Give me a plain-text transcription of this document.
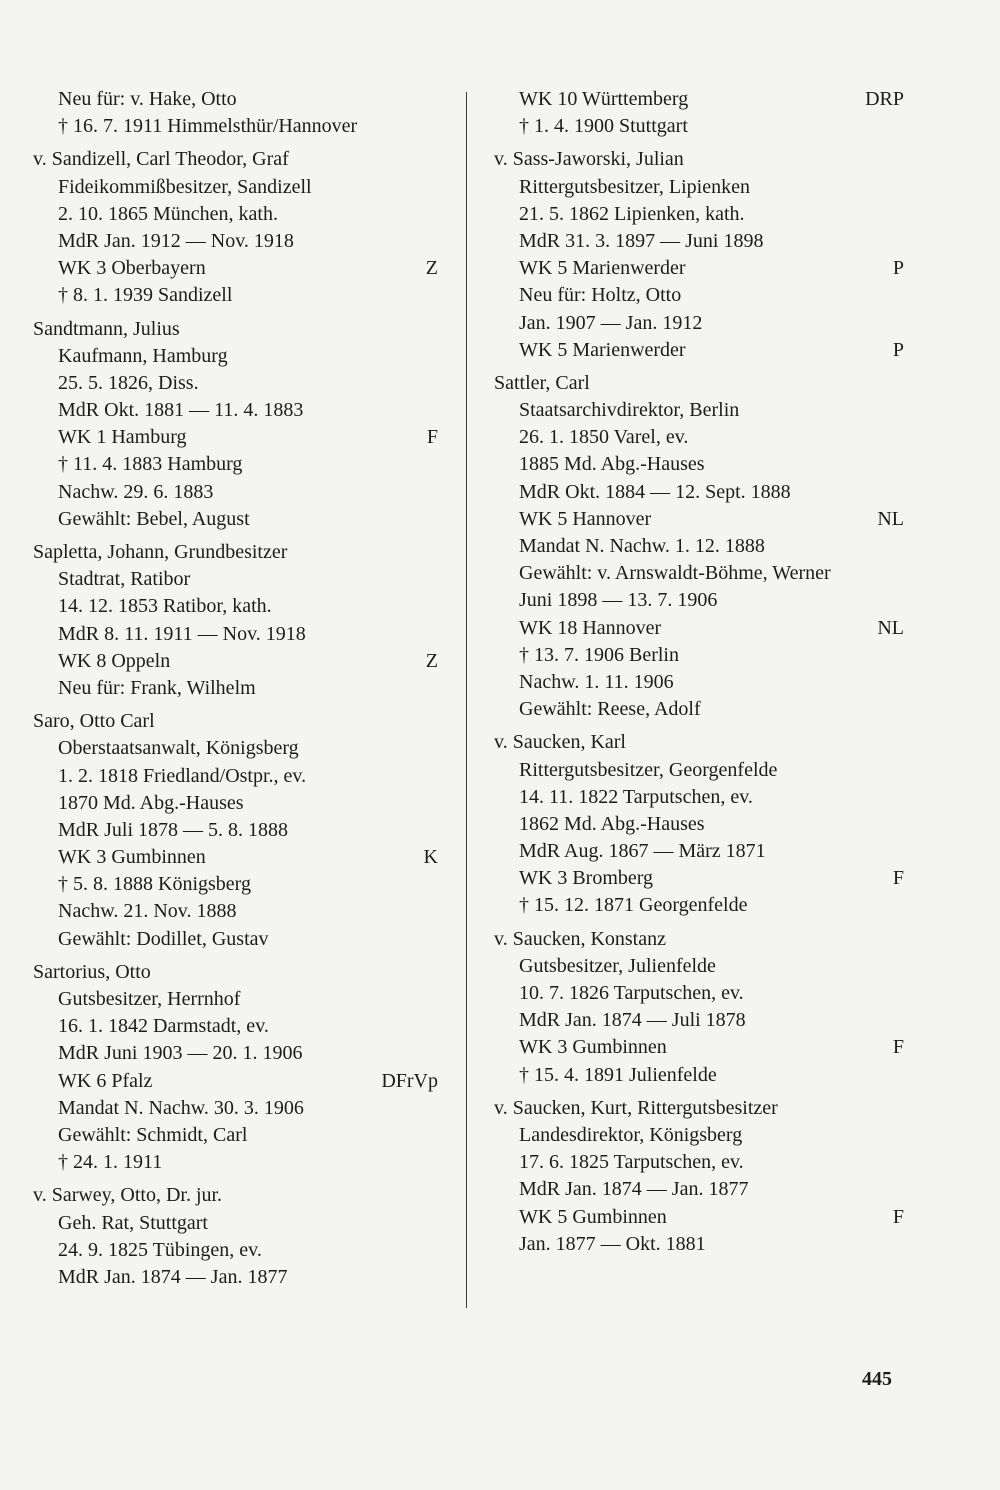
Neu für: v. Hake, Otto
† 16. 7. 1911 Himmelsthür/Hannover
v. Sandizell, Carl Theodor, Graf
Fideikommißbesitzer, Sandizell
2. 10. 1865 München, kath.
MdR Jan. 1912 — Nov. 1918
WK 3 Oberbayern	Z
† 8. 1. 1939 Sandizell
Sandtmann, Julius
Kaufmann, Hamburg
25. 5. 1826, Diss.
MdR Okt. 1881 — 11. 4. 1883
WK 1 Hamburg	F
† 11. 4. 1883 Hamburg
Nachw. 29. 6. 1883
Gewählt: Bebel, August
Sapletta, Johann, Grundbesitzer
Stadtrat, Ratibor
14. 12. 1853 Ratibor, kath.
MdR 8. 11. 1911 — Nov. 1918
WK 8 Oppeln	Z
Neu für: Frank, Wilhelm
Saro, Otto Carl
Oberstaatsanwalt, Königsberg
1. 2. 1818 Friedland/Ostpr., ev.
1870 Md. Abg.-Hauses
MdR Juli 1878 — 5. 8. 1888
WK 3 Gumbinnen	K
† 5. 8. 1888 Königsberg
Nachw. 21. Nov. 1888
Gewählt: Dodillet, Gustav
Sartorius, Otto
Gutsbesitzer, Herrnhof
16. 1. 1842 Darmstadt, ev.
MdR Juni 1903 — 20. 1. 1906
WK 6 Pfalz	DFrVp
Mandat N. Nachw. 30. 3. 1906
Gewählt: Schmidt, Carl
† 24. 1. 1911
v. Sarwey, Otto, Dr. jur.
Geh. Rat, Stuttgart
24. 9. 1825 Tübingen, ev.
MdR Jan. 1874 — Jan. 1877
WK 10 Württemberg	DRP
† 1. 4. 1900 Stuttgart
v. Sass-Jaworski, Julian
Rittergutsbesitzer, Lipienken
21. 5. 1862 Lipienken, kath.
MdR 31. 3. 1897 — Juni 1898
WK 5 Marienwerder	P
Neu für: Holtz, Otto
Jan. 1907 — Jan. 1912
WK 5 Marienwerder	P
Sattler, Carl
Staatsarchivdirektor, Berlin
26. 1. 1850 Varel, ev.
1885 Md. Abg.-Hauses
MdR Okt. 1884 — 12. Sept. 1888
WK 5 Hannover	NL
Mandat N. Nachw. 1. 12. 1888
Gewählt: v. Arnswaldt-Böhme, Werner
Juni 1898 — 13. 7. 1906
WK 18 Hannover	NL
† 13. 7. 1906 Berlin
Nachw. 1. 11. 1906
Gewählt: Reese, Adolf
v. Saucken, Karl
Rittergutsbesitzer, Georgenfelde
14. 11. 1822 Tarputschen, ev.
1862 Md. Abg.-Hauses
MdR Aug. 1867 — März 1871
WK 3 Bromberg	F
† 15. 12. 1871 Georgenfelde
v. Saucken, Konstanz
Gutsbesitzer, Julienfelde
10. 7. 1826 Tarputschen, ev.
MdR Jan. 1874 — Juli 1878
WK 3 Gumbinnen	F
† 15. 4. 1891 Julienfelde
v. Saucken, Kurt, Rittergutsbesitzer
Landesdirektor, Königsberg
17. 6. 1825 Tarputschen, ev.
MdR Jan. 1874 — Jan. 1877
WK 5 Gumbinnen	F
Jan. 1877 — Okt. 1881
445
